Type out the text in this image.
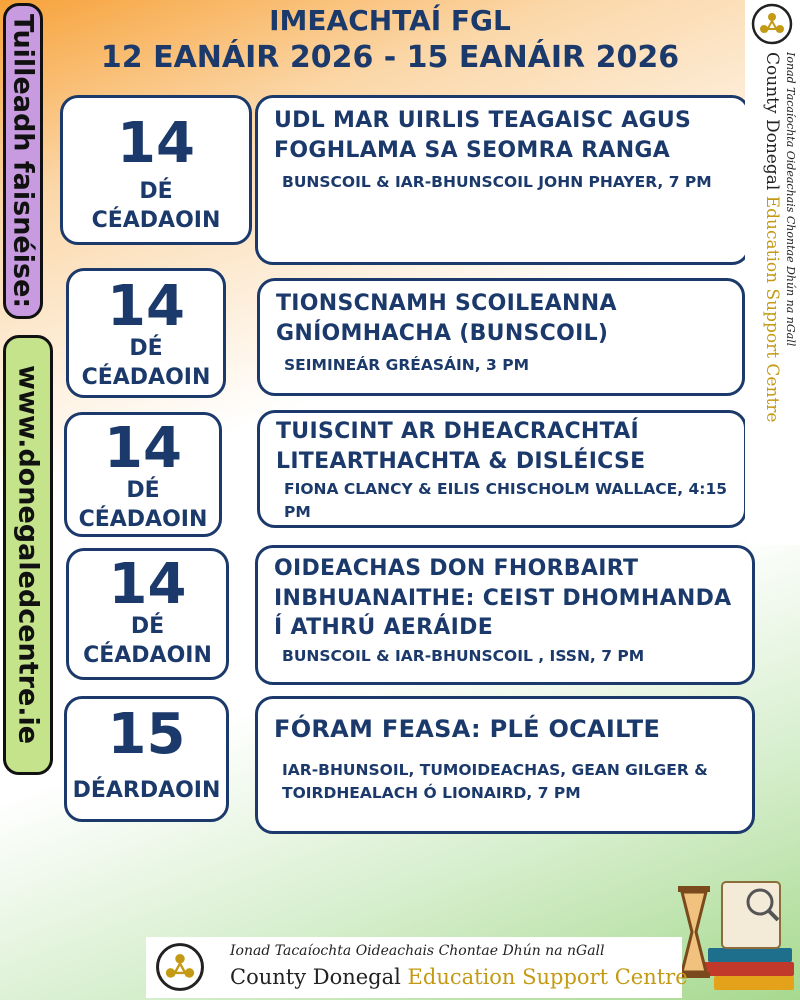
IMEACHTAÍ FGL
12 EANÁIR 2026 - 15 EANÁIR 2026
Tuilleadh faisnéise:
www.donegaledcentre.ie
14
DÉ
CÉADAOIN
UDL MAR UIRLIS TEAGAISC AGUS FOGHLAMA SA SEOMRA RANGA
BUNSCOIL & IAR-BHUNSCOIL JOHN PHAYER, 7 PM
14
DÉ
CÉADAOIN
TIONSCNAMH SCOILEANNA GNÍOMHACHA (BUNSCOIL)
SEIMINEÁR GRÉASÁIN, 3 PM
14
DÉ
CÉADAOIN
TUISCINT AR DHEACRACHTAÍ LITEARTHACHTA & DISLÉICSE
FIONA CLANCY & EILIS CHISCHOLM WALLACE, 4:15 PM
14
DÉ
CÉADAOIN
OIDEACHAS DON FHORBAIRT INBHUANAITHE: CEIST DHOMHANDA Í ATHRÚ AERÁIDE
BUNSCOIL & IAR-BHUNSCOIL , ISSN, 7 PM
15
DÉARDAOIN
FÓRAM FEASA: PLÉ OCAILTE
IAR-BHUNSOIL, TUMOIDEACHAS, GEAN GILGER & TOIRDHEALACH Ó LIONAIRD, 7 PM
Ionad Tacaíochta Oideachais Chontae Dhún na nGall
County Donegal Education Support Centre
Ionad Tacaíochta Oideachais Chontae Dhún na nGall
County Donegal Education Support Centre
